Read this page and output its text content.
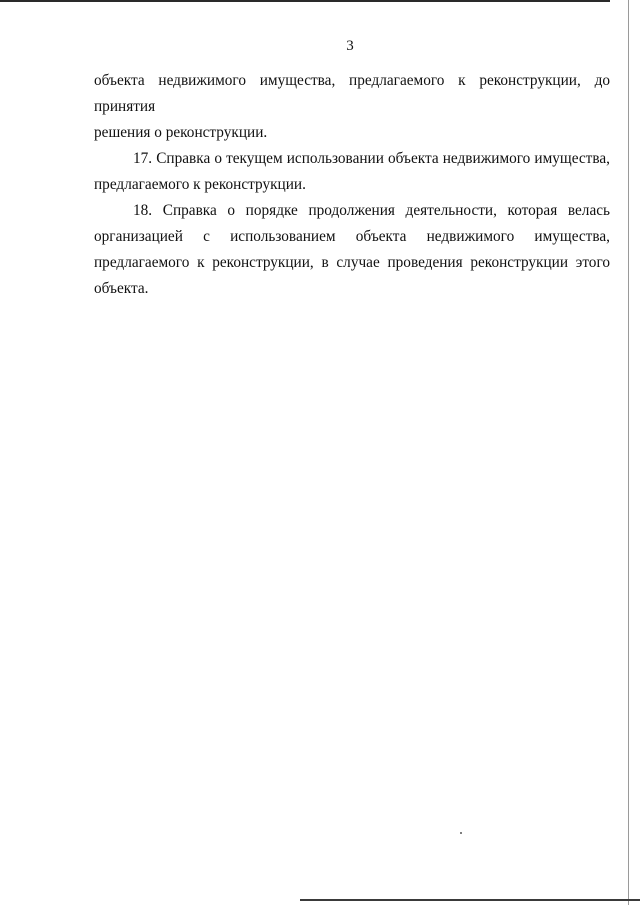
3
объекта недвижимого имущества, предлагаемого к реконструкции, до принятия
решения о реконструкции.
17. Справка о текущем использовании объекта недвижимого имущества,
предлагаемого к реконструкции.
18. Справка о порядке продолжения деятельности, которая велась
организацией с использованием объекта недвижимого имущества,
предлагаемого к реконструкции, в случае проведения реконструкции этого
объекта.
